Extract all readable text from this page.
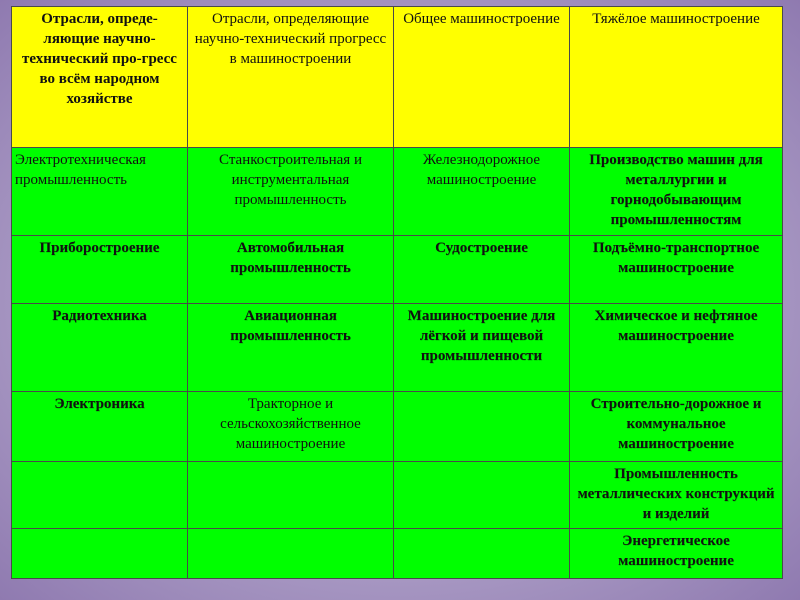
Отрасли, опреде-ляющие научно-технический про-гресс во всём народном хозяйстве	Отрасли, определяющие научно-технический прогресс в машиностроении	Общее машиностроение	Тяжёлое машиностроение
Электротехническая промышленность	Станкостроительная и инструментальная промышленность	Железнодорожное машиностроение	Производство машин для металлургии и горнодобывающим промышленностям
Приборостроение	Автомобильная промышленность	Судостроение	Подъёмно-транспортное машиностроение
Радиотехника	Авиационная промышленность	Машиностроение для лёгкой и пищевой промышленности	Химическое и нефтяное машиностроение
Электроника	Тракторное и сельскохозяйственное машиностроение		Строительно-дорожное и коммунальное машиностроение
			Промышленность металлических конструкций и изделий
			Энергетическое машиностроение
